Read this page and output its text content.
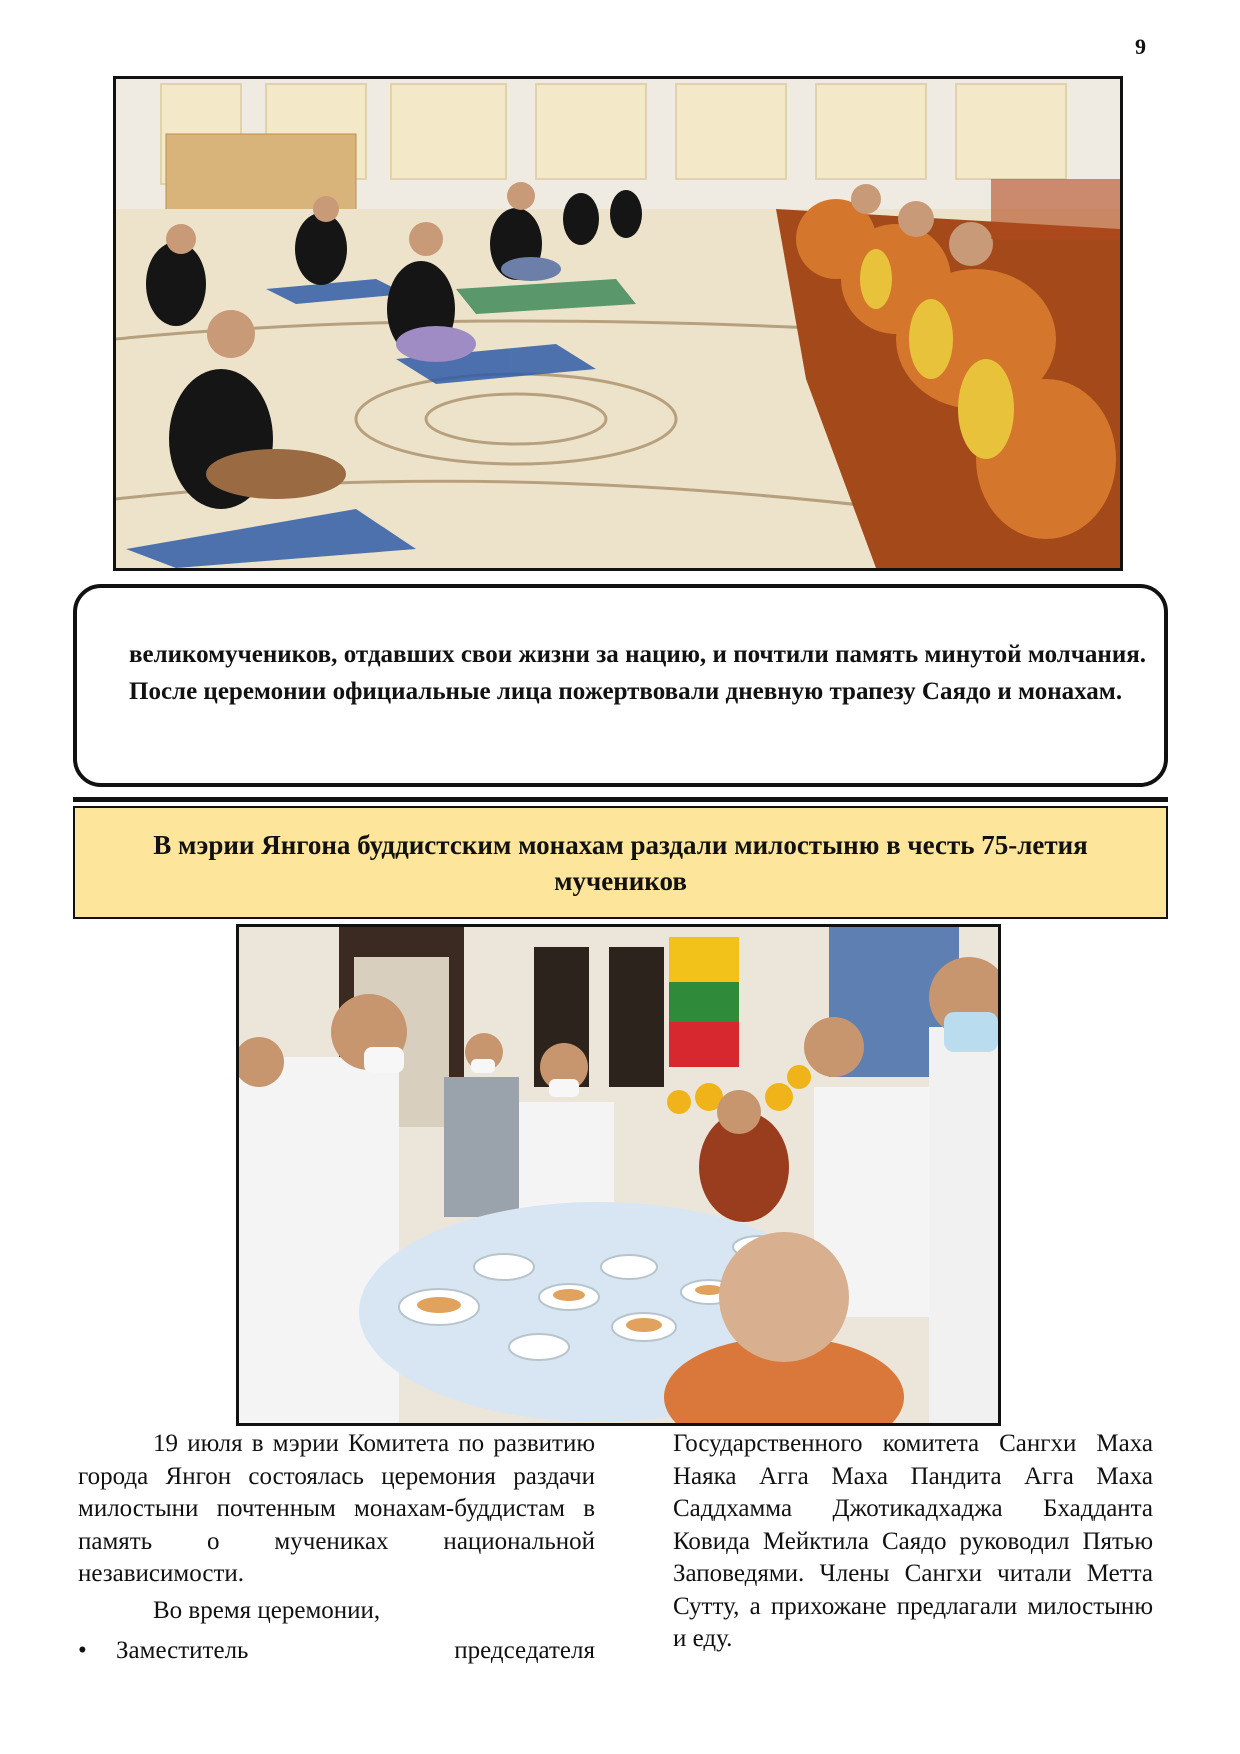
9

великомучеников, отдавших свои жизни за нацию, и почтили память минутой молчания. После церемонии официальные лица пожертвовали дневную трапезу Саядо и монахам.

В мэрии Янгона буддистским монахам раздали милостыню в честь 75-летия мучеников

19 июля в мэрии Комитета по развитию города Янгон состоялась церемония раздачи милостыни почтенным монахам-буддистам в память о мучениках национальной независимости.

Во время церемонии,

• Заместитель председателя

Государственного комитета Сангхи Маха Наяка Агга Маха Пандита Агга Маха Саддхамма Джотикадхаджа Бхадданта Ковида Мейктила Саядо руководил Пятью Заповедями. Члены Сангхи читали Метта Сутту, а прихожане предлагали милостыню и еду.
